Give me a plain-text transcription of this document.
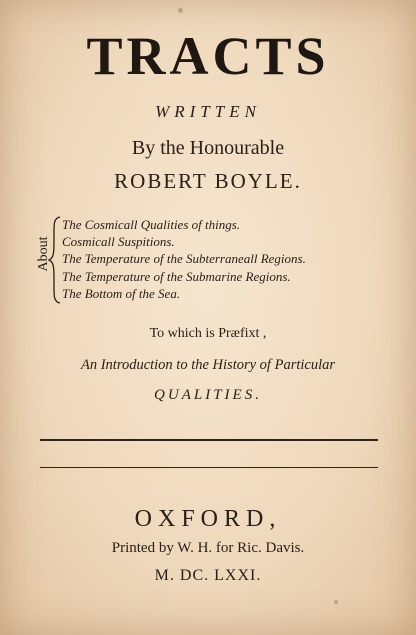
TRACTS
WRITTEN
By the Honourable
ROBERT BOYLE.
About
The Cosmicall Qualities of things.
Cosmicall Suspitions.
The Temperature of the Subterraneall Regions.
The Temperature of the Submarine Regions.
The Bottom of the Sea.
To which is Præfixt ,
An Introduction to the History of Particular
QUALITIES.
OXFORD,
Printed by W. H. for Ric. Davis.
M. DC. LXXI.
